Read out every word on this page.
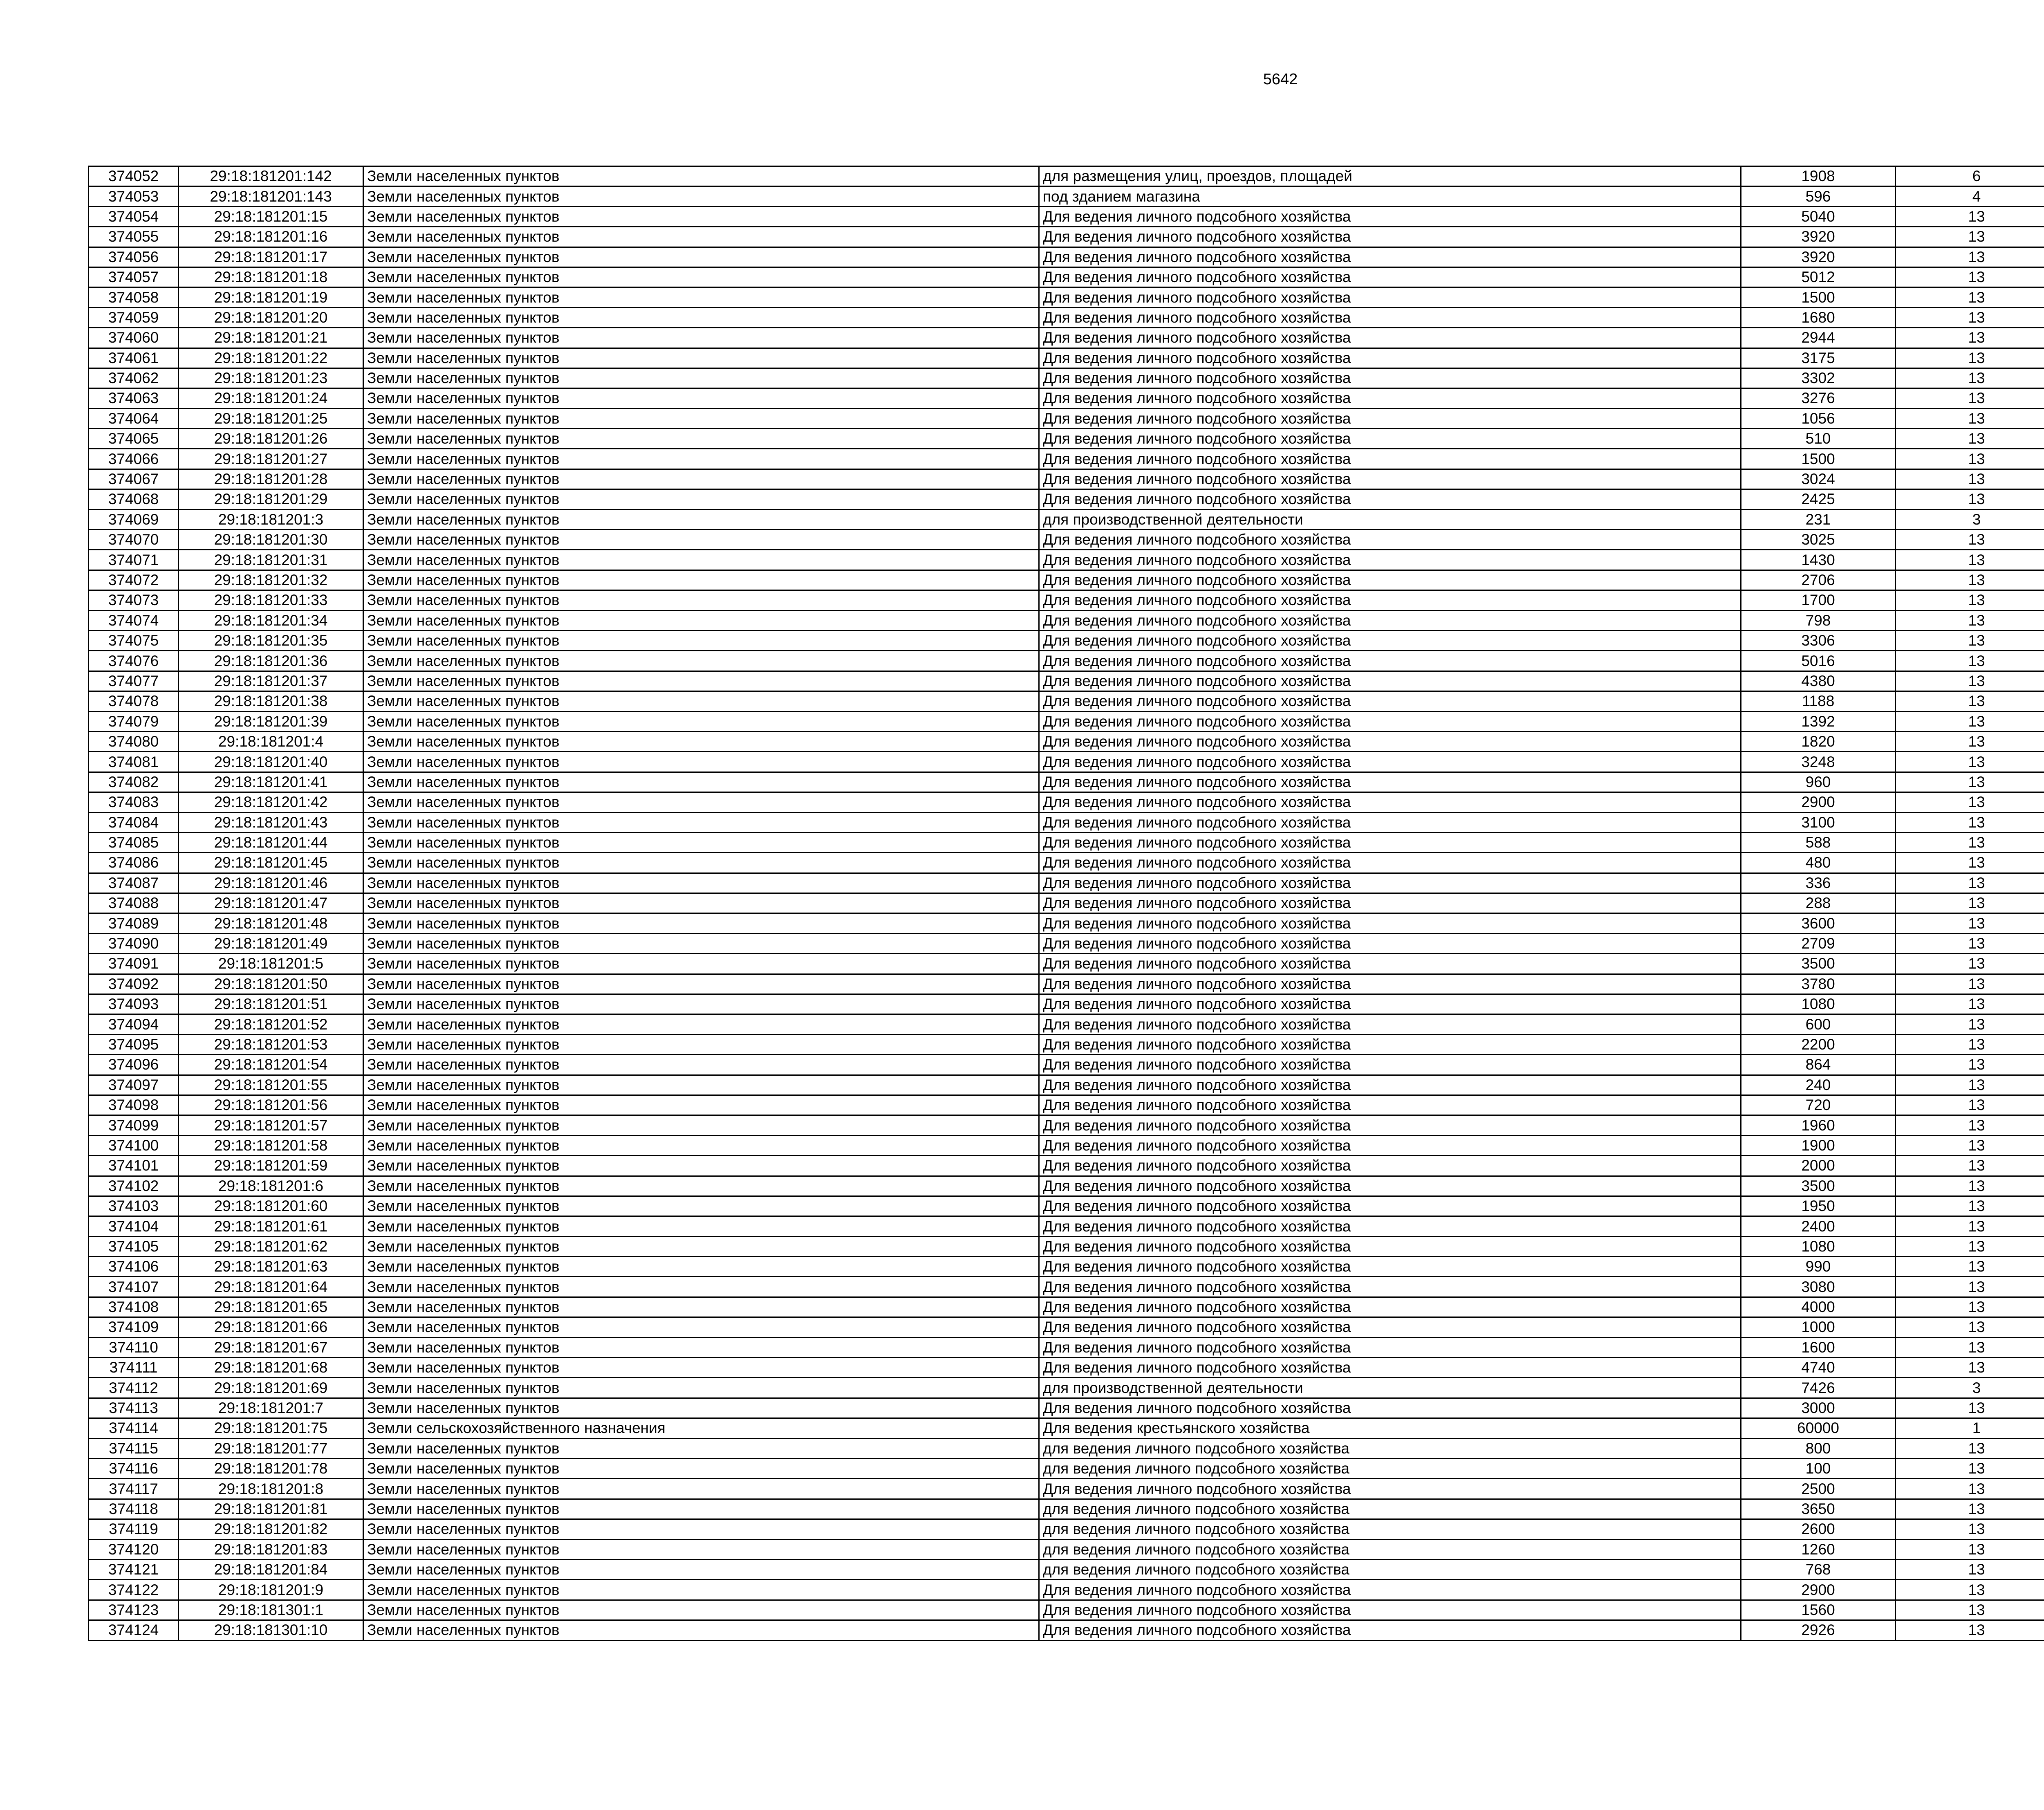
5642
374052	29:18:181201:142	Земли населенных пунктов	для размещения улиц, проездов, площадей	1908	6		
374053	29:18:181201:143	Земли населенных пунктов	под зданием магазина	596	4		
374054	29:18:181201:15	Земли населенных пунктов	Для ведения личного подсобного хозяйства	5040	13		
374055	29:18:181201:16	Земли населенных пунктов	Для ведения личного подсобного хозяйства	3920	13		
374056	29:18:181201:17	Земли населенных пунктов	Для ведения личного подсобного хозяйства	3920	13		
374057	29:18:181201:18	Земли населенных пунктов	Для ведения личного подсобного хозяйства	5012	13		
374058	29:18:181201:19	Земли населенных пунктов	Для ведения личного подсобного хозяйства	1500	13		
374059	29:18:181201:20	Земли населенных пунктов	Для ведения личного подсобного хозяйства	1680	13		
374060	29:18:181201:21	Земли населенных пунктов	Для ведения личного подсобного хозяйства	2944	13		
374061	29:18:181201:22	Земли населенных пунктов	Для ведения личного подсобного хозяйства	3175	13		
374062	29:18:181201:23	Земли населенных пунктов	Для ведения личного подсобного хозяйства	3302	13		
374063	29:18:181201:24	Земли населенных пунктов	Для ведения личного подсобного хозяйства	3276	13		
374064	29:18:181201:25	Земли населенных пунктов	Для ведения личного подсобного хозяйства	1056	13		
374065	29:18:181201:26	Земли населенных пунктов	Для ведения личного подсобного хозяйства	510	13		
374066	29:18:181201:27	Земли населенных пунктов	Для ведения личного подсобного хозяйства	1500	13		
374067	29:18:181201:28	Земли населенных пунктов	Для ведения личного подсобного хозяйства	3024	13		
374068	29:18:181201:29	Земли населенных пунктов	Для ведения личного подсобного хозяйства	2425	13		
374069	29:18:181201:3	Земли населенных пунктов	для производственной деятельности	231	3		
374070	29:18:181201:30	Земли населенных пунктов	Для ведения личного подсобного хозяйства	3025	13		
374071	29:18:181201:31	Земли населенных пунктов	Для ведения личного подсобного хозяйства	1430	13		
374072	29:18:181201:32	Земли населенных пунктов	Для ведения личного подсобного хозяйства	2706	13		
374073	29:18:181201:33	Земли населенных пунктов	Для ведения личного подсобного хозяйства	1700	13		
374074	29:18:181201:34	Земли населенных пунктов	Для ведения личного подсобного хозяйства	798	13		
374075	29:18:181201:35	Земли населенных пунктов	Для ведения личного подсобного хозяйства	3306	13		
374076	29:18:181201:36	Земли населенных пунктов	Для ведения личного подсобного хозяйства	5016	13		
374077	29:18:181201:37	Земли населенных пунктов	Для ведения личного подсобного хозяйства	4380	13		
374078	29:18:181201:38	Земли населенных пунктов	Для ведения личного подсобного хозяйства	1188	13		
374079	29:18:181201:39	Земли населенных пунктов	Для ведения личного подсобного хозяйства	1392	13		
374080	29:18:181201:4	Земли населенных пунктов	Для ведения личного подсобного хозяйства	1820	13		
374081	29:18:181201:40	Земли населенных пунктов	Для ведения личного подсобного хозяйства	3248	13		
374082	29:18:181201:41	Земли населенных пунктов	Для ведения личного подсобного хозяйства	960	13		
374083	29:18:181201:42	Земли населенных пунктов	Для ведения личного подсобного хозяйства	2900	13		
374084	29:18:181201:43	Земли населенных пунктов	Для ведения личного подсобного хозяйства	3100	13		
374085	29:18:181201:44	Земли населенных пунктов	Для ведения личного подсобного хозяйства	588	13		
374086	29:18:181201:45	Земли населенных пунктов	Для ведения личного подсобного хозяйства	480	13		
374087	29:18:181201:46	Земли населенных пунктов	Для ведения личного подсобного хозяйства	336	13		
374088	29:18:181201:47	Земли населенных пунктов	Для ведения личного подсобного хозяйства	288	13		
374089	29:18:181201:48	Земли населенных пунктов	Для ведения личного подсобного хозяйства	3600	13		
374090	29:18:181201:49	Земли населенных пунктов	Для ведения личного подсобного хозяйства	2709	13		
374091	29:18:181201:5	Земли населенных пунктов	Для ведения личного подсобного хозяйства	3500	13		
374092	29:18:181201:50	Земли населенных пунктов	Для ведения личного подсобного хозяйства	3780	13		
374093	29:18:181201:51	Земли населенных пунктов	Для ведения личного подсобного хозяйства	1080	13		
374094	29:18:181201:52	Земли населенных пунктов	Для ведения личного подсобного хозяйства	600	13		
374095	29:18:181201:53	Земли населенных пунктов	Для ведения личного подсобного хозяйства	2200	13		
374096	29:18:181201:54	Земли населенных пунктов	Для ведения личного подсобного хозяйства	864	13		
374097	29:18:181201:55	Земли населенных пунктов	Для ведения личного подсобного хозяйства	240	13		
374098	29:18:181201:56	Земли населенных пунктов	Для ведения личного подсобного хозяйства	720	13		
374099	29:18:181201:57	Земли населенных пунктов	Для ведения личного подсобного хозяйства	1960	13		
374100	29:18:181201:58	Земли населенных пунктов	Для ведения личного подсобного хозяйства	1900	13		
374101	29:18:181201:59	Земли населенных пунктов	Для ведения личного подсобного хозяйства	2000	13		
374102	29:18:181201:6	Земли населенных пунктов	Для ведения личного подсобного хозяйства	3500	13		
374103	29:18:181201:60	Земли населенных пунктов	Для ведения личного подсобного хозяйства	1950	13		
374104	29:18:181201:61	Земли населенных пунктов	Для ведения личного подсобного хозяйства	2400	13		
374105	29:18:181201:62	Земли населенных пунктов	Для ведения личного подсобного хозяйства	1080	13		
374106	29:18:181201:63	Земли населенных пунктов	Для ведения личного подсобного хозяйства	990	13		
374107	29:18:181201:64	Земли населенных пунктов	Для ведения личного подсобного хозяйства	3080	13		
374108	29:18:181201:65	Земли населенных пунктов	Для ведения личного подсобного хозяйства	4000	13		
374109	29:18:181201:66	Земли населенных пунктов	Для ведения личного подсобного хозяйства	1000	13		
374110	29:18:181201:67	Земли населенных пунктов	Для ведения личного подсобного хозяйства	1600	13		
374111	29:18:181201:68	Земли населенных пунктов	Для ведения личного подсобного хозяйства	4740	13		
374112	29:18:181201:69	Земли населенных пунктов	для производственной деятельности	7426	3		
374113	29:18:181201:7	Земли населенных пунктов	Для ведения личного подсобного хозяйства	3000	13		
374114	29:18:181201:75	Земли сельскохозяйственного назначения	Для ведения крестьянского хозяйства	60000	1		
374115	29:18:181201:77	Земли населенных пунктов	для ведения личного подсобного хозяйства	800	13		
374116	29:18:181201:78	Земли населенных пунктов	для ведения личного подсобного хозяйства	100	13		
374117	29:18:181201:8	Земли населенных пунктов	Для ведения личного подсобного хозяйства	2500	13		
374118	29:18:181201:81	Земли населенных пунктов	для ведения личного подсобного хозяйства	3650	13		
374119	29:18:181201:82	Земли населенных пунктов	для ведения личного подсобного хозяйства	2600	13		
374120	29:18:181201:83	Земли населенных пунктов	для ведения личного подсобного хозяйства	1260	13		
374121	29:18:181201:84	Земли населенных пунктов	для ведения личного подсобного хозяйства	768	13		
374122	29:18:181201:9	Земли населенных пунктов	Для ведения личного подсобного хозяйства	2900	13		
374123	29:18:181301:1	Земли населенных пунктов	Для ведения личного подсобного хозяйства	1560	13		
374124	29:18:181301:10	Земли населенных пунктов	Для ведения личного подсобного хозяйства	2926	13		
